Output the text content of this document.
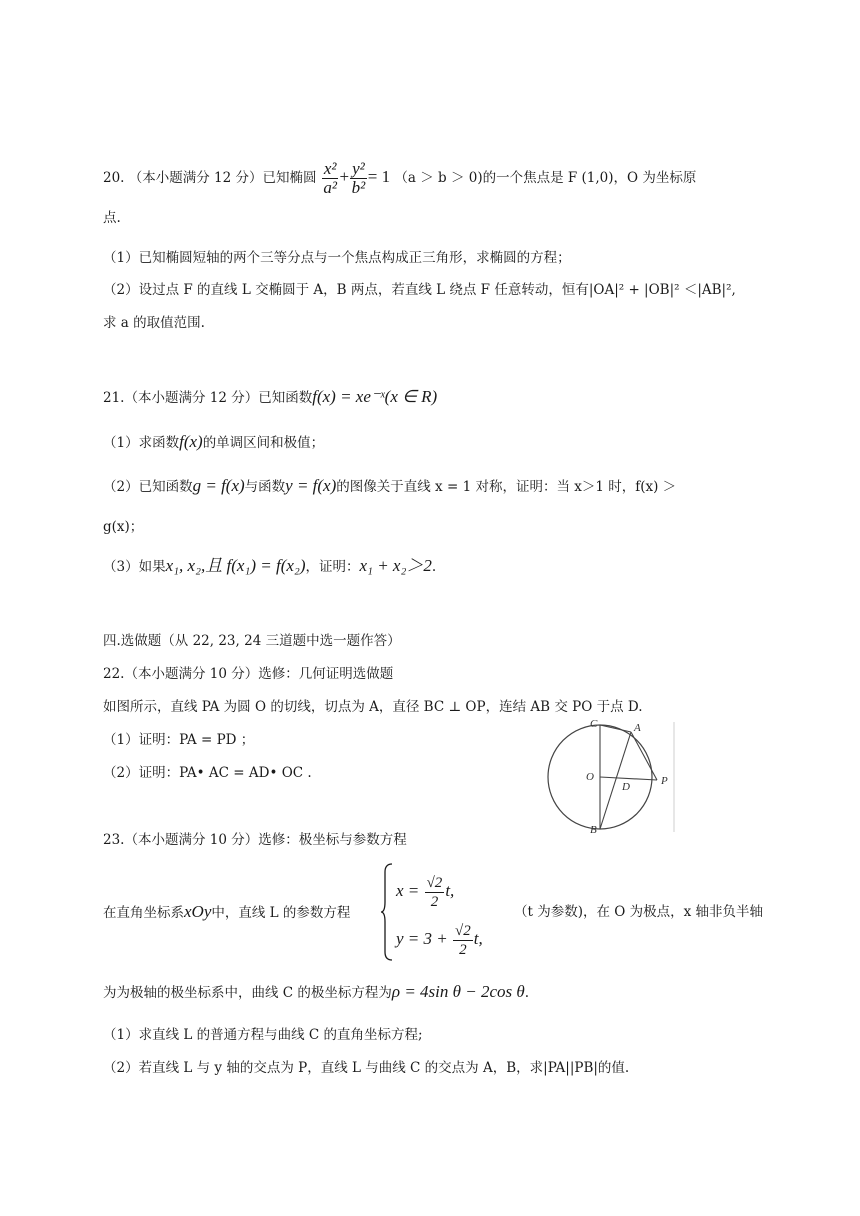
20. （本小题满分 12 分）已知椭圆 $\frac{\text{x²}}{\text{a²}} + \frac{\text{y²}}{\text{b²}} = 1$ （a ＞ b ＞ 0)的一个焦点是 F (1,0)，O 为坐标原
点.
（1）已知椭圆短轴的两个三等分点与一个焦点构成正三角形，求椭圆的方程；
（2）设过点 F 的直线 L 交椭圆于 A，B 两点，若直线 L 绕点 F 任意转动，恒有|OA|² + |OB|² ＜|AB|²,
求 a 的取值范围.
21.（本小题满分 12 分）已知函数f(x) = xe⁻ˣ(x ∈ R)
（1）求函数f(x)的单调区间和极值；
（2）已知函数g = f(x)与函数y = f(x)的图像关于直线 x = 1 对称，证明：当 x＞1 时，f(x) ＞
g(x)；
（3）如果x₁, x₂,且 f(x₁) = f(x₂)，证明：x₁ + x₂＞2.
四.选做题（从 22, 23, 24 三道题中选一题作答）
22.（本小题满分 10 分）选修：几何证明选做题
如图所示，直线 PA 为圆 O 的切线，切点为 A，直径 BC ⊥ OP，连结 AB 交 PO 于点 D.
（1）证明：PA = PD ；
（2）证明：PA• AC = AD• OC .
C	A
O
D	P
B
23.（本小题满分 10 分）选修：极坐标与参数方程
在直角坐标系xOy中，直线 L 的参数方程
$x = \frac{√2}{2} t$,
$y = 3 + \frac{√2}{2} t$,
（t 为参数)，在 O 为极点，x 轴非负半轴
为为极轴的极坐标系中，曲线 C 的极坐标方程为ρ = 4sin θ − 2cos θ.
（1）求直线 L 的普通方程与曲线 C 的直角坐标方程;
（2）若直线 L 与 y 轴的交点为 P，直线 L 与曲线 C 的交点为 A，B，求|PA||PB|的值.
